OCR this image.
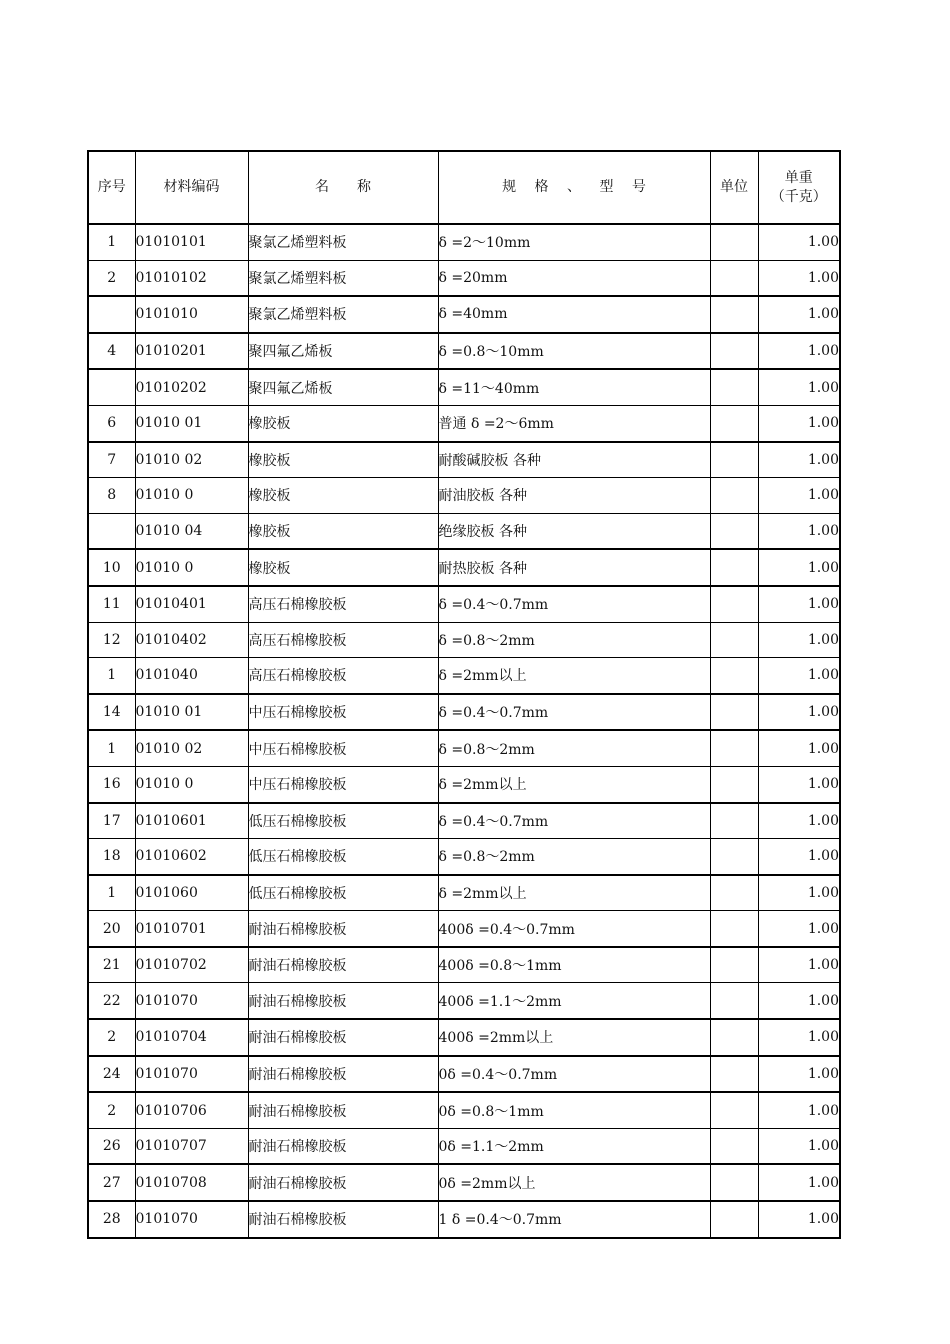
序号	材料编码	名　　称	规 格 、 型 号	单位	单重
（千克）

1	01010101	聚氯乙烯塑料板	δ =2～10mm		1.00
2	01010102	聚氯乙烯塑料板	δ =20mm		1.00
	0101010	聚氯乙烯塑料板	δ =40mm		1.00
4	01010201	聚四氟乙烯板	δ =0.8～10mm		1.00
	01010202	聚四氟乙烯板	δ =11～40mm		1.00
6	01010 01	橡胶板	普通 δ =2～6mm		1.00
7	01010 02	橡胶板	耐酸碱胶板 各种		1.00
8	01010 0	橡胶板	耐油胶板 各种		1.00
	01010 04	橡胶板	绝缘胶板 各种		1.00
10	01010 0	橡胶板	耐热胶板 各种		1.00
11	01010401	高压石棉橡胶板	δ =0.4～0.7mm		1.00
12	01010402	高压石棉橡胶板	δ =0.8～2mm		1.00
1	0101040	高压石棉橡胶板	δ =2mm以上		1.00
14	01010 01	中压石棉橡胶板	δ =0.4～0.7mm		1.00
1	01010 02	中压石棉橡胶板	δ =0.8～2mm		1.00
16	01010 0	中压石棉橡胶板	δ =2mm以上		1.00
17	01010601	低压石棉橡胶板	δ =0.4～0.7mm		1.00
18	01010602	低压石棉橡胶板	δ =0.8～2mm		1.00
1	0101060	低压石棉橡胶板	δ =2mm以上		1.00
20	01010701	耐油石棉橡胶板	400δ =0.4～0.7mm		1.00
21	01010702	耐油石棉橡胶板	400δ =0.8～1mm		1.00
22	0101070	耐油石棉橡胶板	400δ =1.1～2mm		1.00
2	01010704	耐油石棉橡胶板	400δ =2mm以上		1.00
24	0101070	耐油石棉橡胶板	0δ =0.4～0.7mm		1.00
2	01010706	耐油石棉橡胶板	0δ =0.8～1mm		1.00
26	01010707	耐油石棉橡胶板	0δ =1.1～2mm		1.00
27	01010708	耐油石棉橡胶板	0δ =2mm以上		1.00
28	0101070	耐油石棉橡胶板	1 δ =0.4～0.7mm		1.00
